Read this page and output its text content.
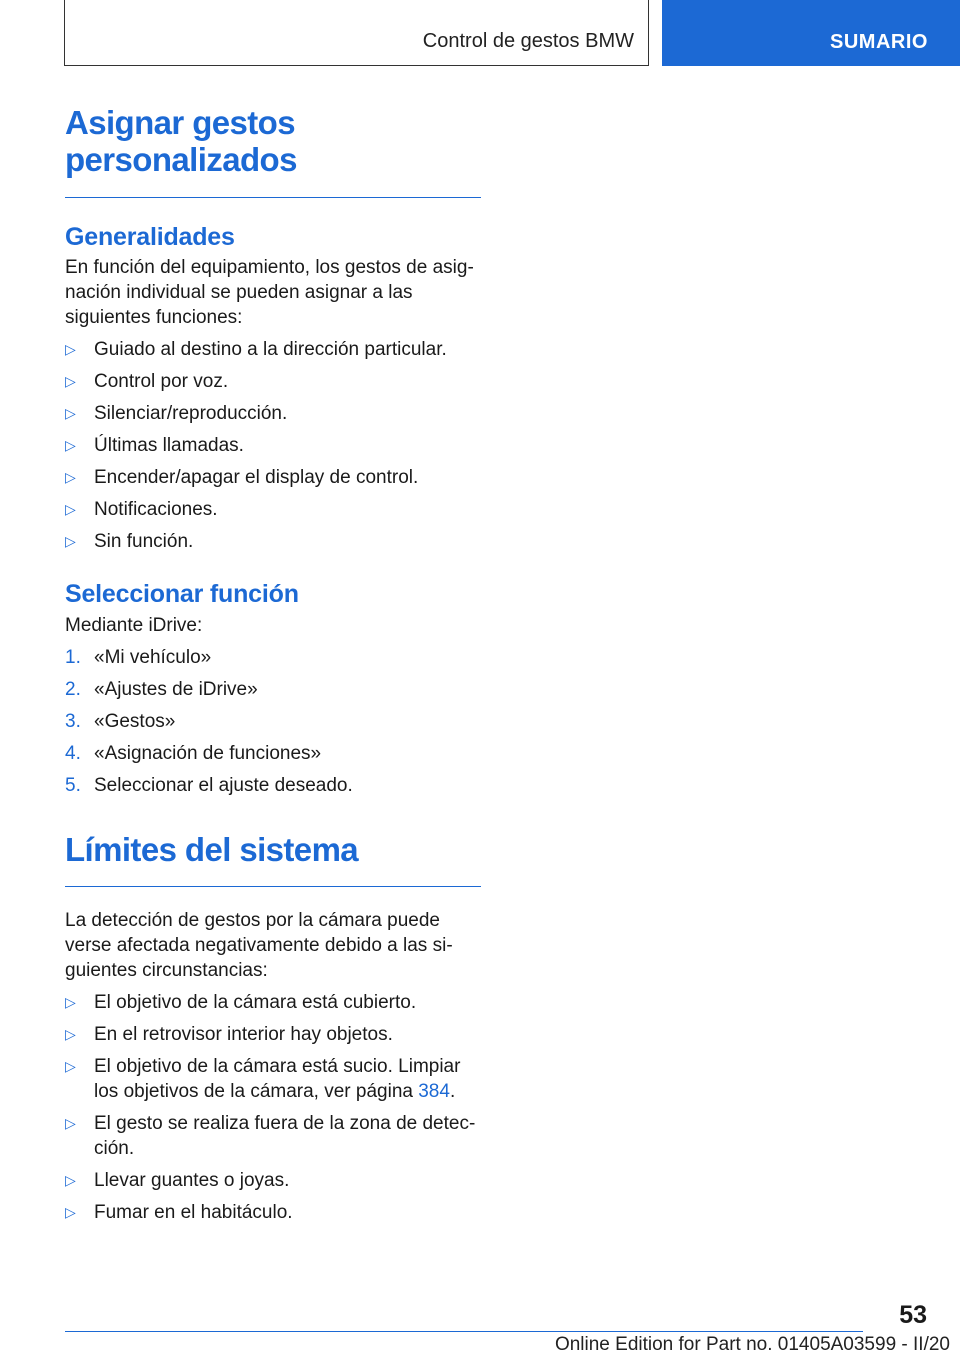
Control de gestos BMW	SUMARIO
Asignar gestos
personalizados
Generalidades

En función del equipamiento, los gestos de asignación individual se pueden asignar a las siguientes funciones:

▷ Guiado al destino a la dirección particular.
▷ Control por voz.
▷ Silenciar/reproducción.
▷ Últimas llamadas.
▷ Encender/apagar el display de control.
▷ Notificaciones.
▷ Sin función.
Seleccionar función

Mediante iDrive:

1. «Mi vehículo»
2. «Ajustes de iDrive»
3. «Gestos»
4. «Asignación de funciones»
5. Seleccionar el ajuste deseado.
Límites del sistema

La detección de gestos por la cámara puede verse afectada negativamente debido a las siguientes circunstancias:

▷ El objetivo de la cámara está cubierto.
▷ En el retrovisor interior hay objetos.
▷ El objetivo de la cámara está sucio. Limpiar los objetivos de la cámara, ver página 384.
▷ El gesto se realiza fuera de la zona de detección.
▷ Llevar guantes o joyas.
▷ Fumar en el habitáculo.
53
Online Edition for Part no. 01405A03599 - II/20
